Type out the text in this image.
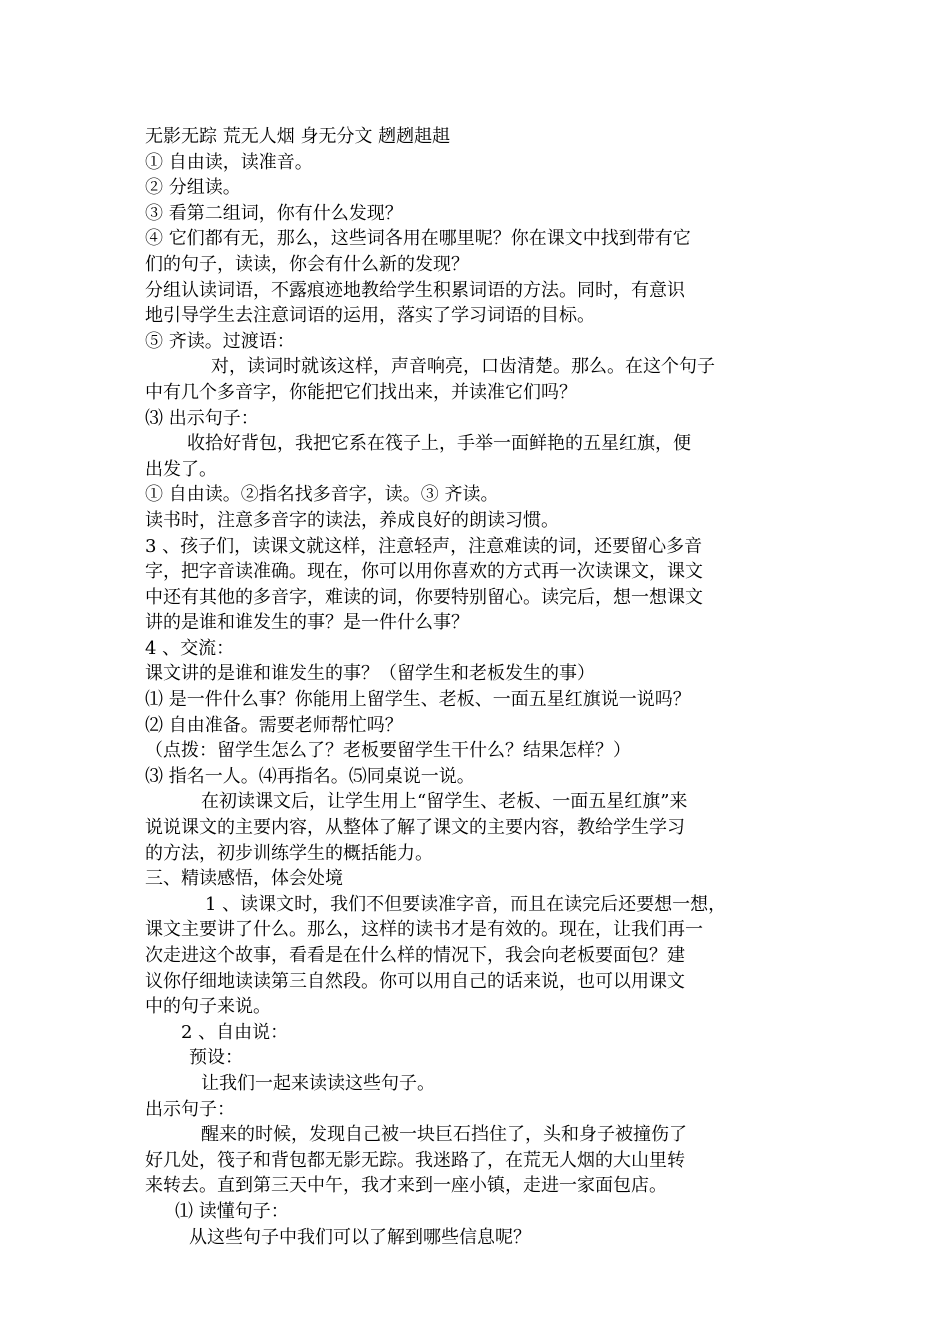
无影无踪 荒无人烟 身无分文 趔趔趄趄
① 自由读，读准音。
② 分组读。
③ 看第二组词，你有什么发现？
④ 它们都有无，那么，这些词各用在哪里呢？你在课文中找到带有它
们的句子，读读，你会有什么新的发现？
分组认读词语，不露痕迹地教给学生积累词语的方法。同时，有意识
地引导学生去注意词语的运用，落实了学习词语的目标。
⑤ 齐读。过渡语：
对，读词时就该这样，声音响亮，口齿清楚。那么。在这个句子
中有几个多音字，你能把它们找出来，并读准它们吗？
⑶ 出示句子：
收拾好背包，我把它系在筏子上，手举一面鲜艳的五星红旗，便
出发了。
① 自由读。②指名找多音字，读。③ 齐读。
读书时，注意多音字的读法，养成良好的朗读习惯。
3 、孩子们，读课文就这样，注意轻声，注意难读的词，还要留心多音
字，把字音读准确。现在，你可以用你喜欢的方式再一次读课文，课文
中还有其他的多音字，难读的词，你要特别留心。读完后，想一想课文
讲的是谁和谁发生的事？是一件什么事？
4 、交流：
课文讲的是谁和谁发生的事？（留学生和老板发生的事）
⑴ 是一件什么事？你能用上留学生、老板、一面五星红旗说一说吗？
⑵ 自由准备。需要老师帮忙吗？
（点拨：留学生怎么了？老板要留学生干什么？结果怎样？）
⑶ 指名一人。⑷再指名。⑸同桌说一说。
在初读课文后，让学生用上“留学生、老板、一面五星红旗”来
说说课文的主要内容，从整体了解了课文的主要内容，教给学生学习
的方法，初步训练学生的概括能力。
三、精读感悟，体会处境
1 、读课文时，我们不但要读准字音，而且在读完后还要想一想，
课文主要讲了什么。那么，这样的读书才是有效的。现在，让我们再一
次走进这个故事，看看是在什么样的情况下，我会向老板要面包？建
议你仔细地读读第三自然段。你可以用自己的话来说，也可以用课文
中的句子来说。
2 、自由说：
预设：
让我们一起来读读这些句子。
出示句子：
醒来的时候，发现自己被一块巨石挡住了，头和身子被撞伤了
好几处，筏子和背包都无影无踪。我迷路了，在荒无人烟的大山里转
来转去。直到第三天中午，我才来到一座小镇，走进一家面包店。
⑴ 读懂句子：
从这些句子中我们可以了解到哪些信息呢？
